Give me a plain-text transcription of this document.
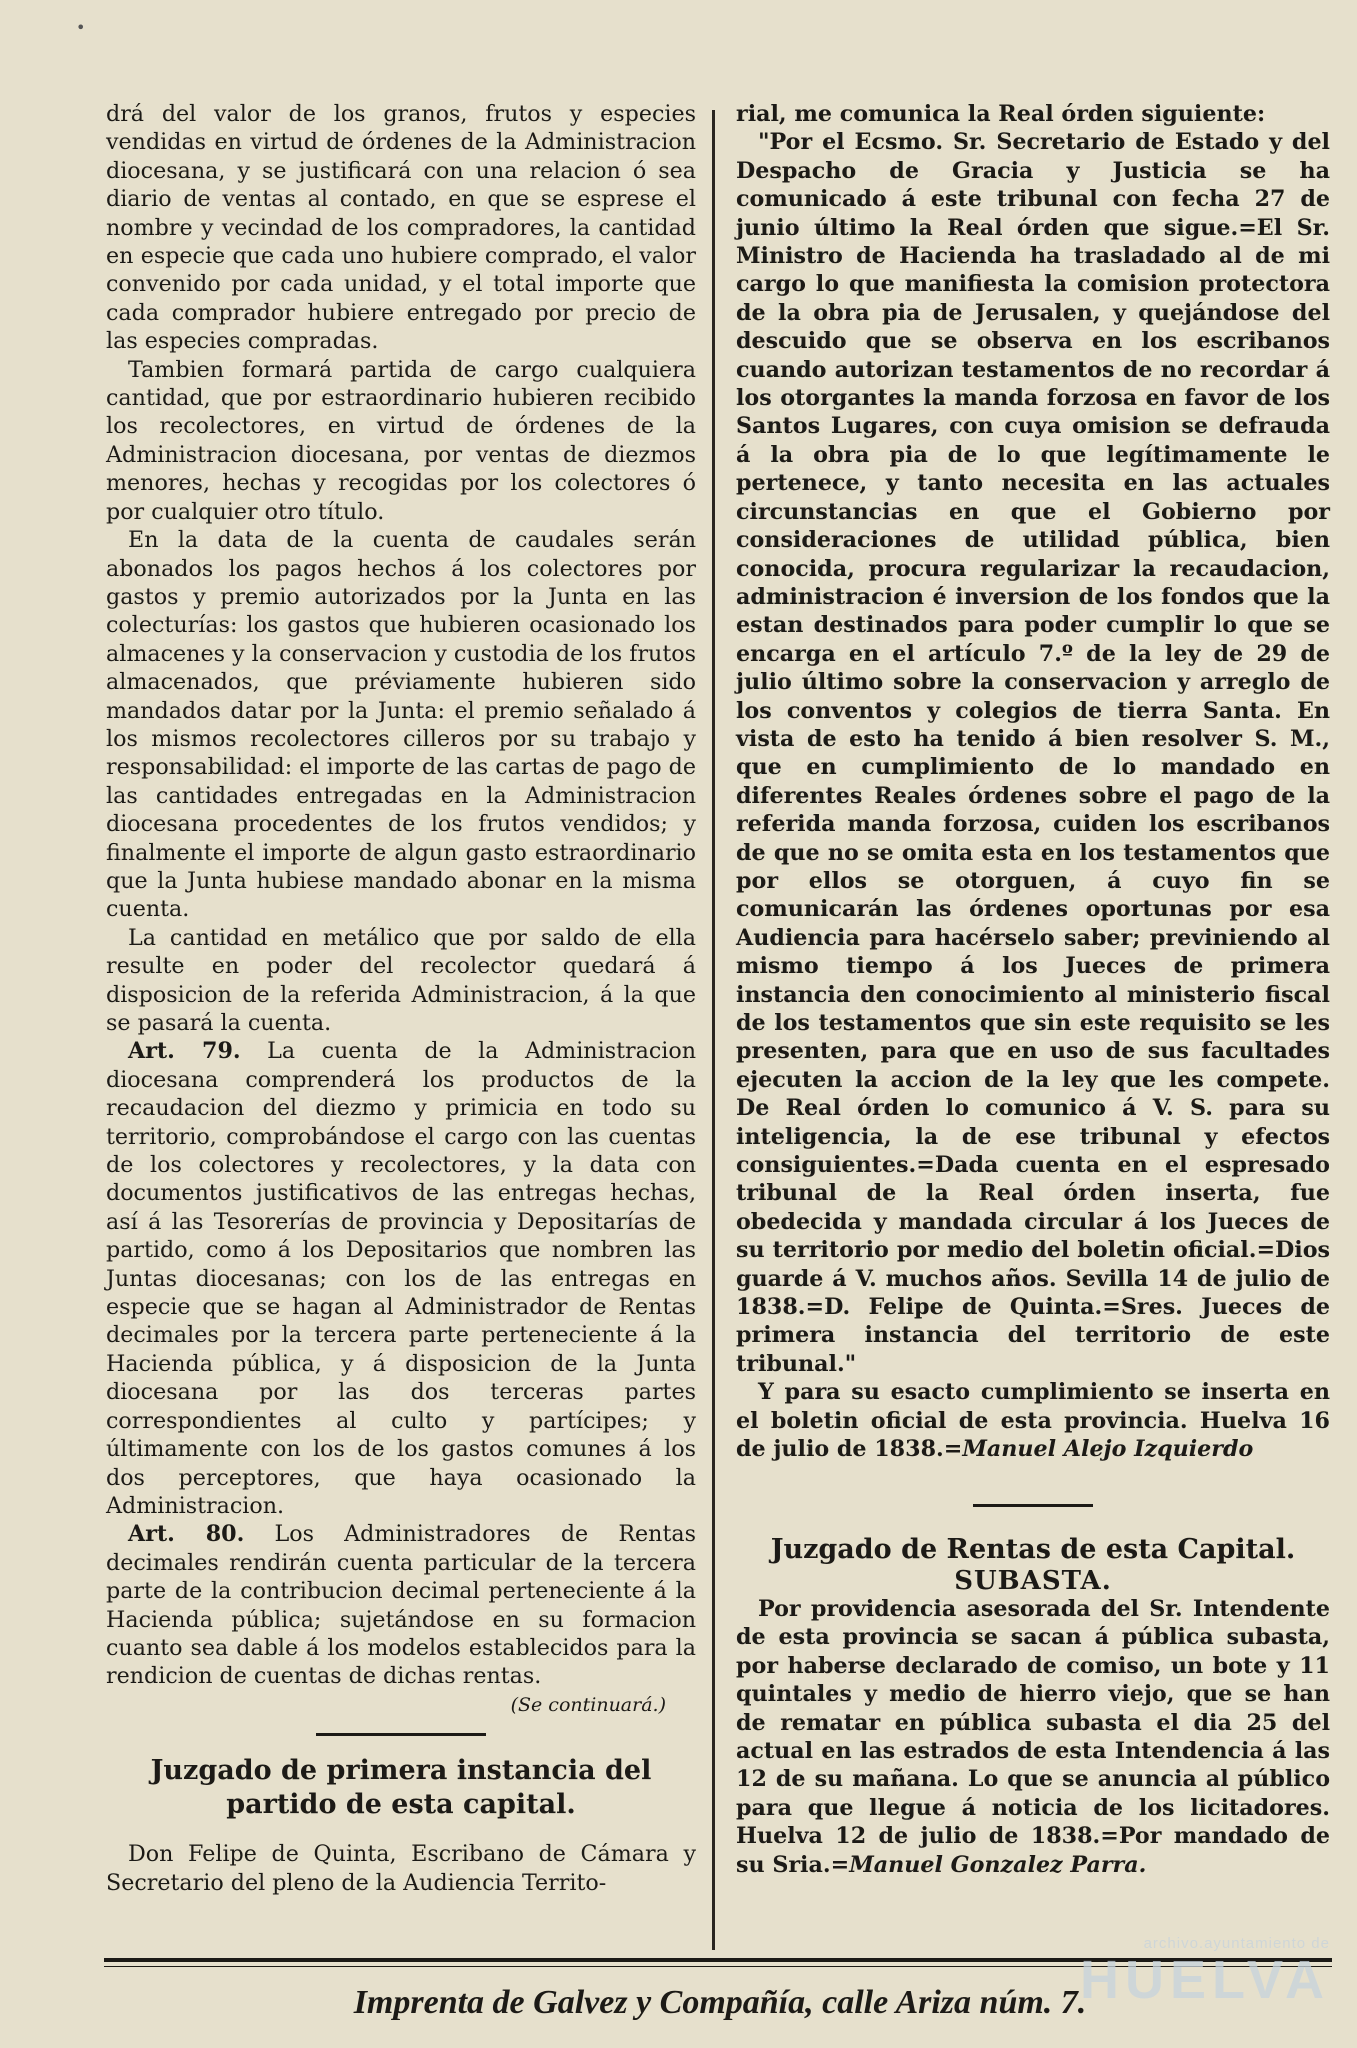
•

drá del valor de los granos, frutos y especies vendidas en virtud de órdenes de la Administracion diocesana, y se justificará con una relacion ó sea diario de ventas al contado, en que se esprese el nombre y vecindad de los compradores, la cantidad en especie que cada uno hubiere comprado, el valor convenido por cada unidad, y el total importe que cada comprador hubiere entregado por precio de las especies compradas.

Tambien formará partida de cargo cualquiera cantidad, que por estraordinario hubieren recibido los recolectores, en virtud de órdenes de la Administracion diocesana, por ventas de diezmos menores, hechas y recogidas por los colectores ó por cualquier otro título.

En la data de la cuenta de caudales serán abonados los pagos hechos á los colectores por gastos y premio autorizados por la Junta en las colecturías: los gastos que hubieren ocasionado los almacenes y la conservacion y custodia de los frutos almacenados, que préviamente hubieren sido mandados datar por la Junta: el premio señalado á los mismos recolectores cilleros por su trabajo y responsabilidad: el importe de las cartas de pago de las cantidades entregadas en la Administracion diocesana procedentes de los frutos vendidos; y finalmente el importe de algun gasto estraordinario que la Junta hubiese mandado abonar en la misma cuenta.

La cantidad en metálico que por saldo de ella resulte en poder del recolector quedará á disposicion de la referida Administracion, á la que se pasará la cuenta.

Art. 79. La cuenta de la Administracion diocesana comprenderá los productos de la recaudacion del diezmo y primicia en todo su territorio, comprobándose el cargo con las cuentas de los colectores y recolectores, y la data con documentos justificativos de las entregas hechas, así á las Tesorerías de provincia y Depositarías de partido, como á los Depositarios que nombren las Juntas diocesanas; con los de las entregas en especie que se hagan al Administrador de Rentas decimales por la tercera parte perteneciente á la Hacienda pública, y á disposicion de la Junta diocesana por las dos terceras partes correspondientes al culto y partícipes; y últimamente con los de los gastos comunes á los dos perceptores, que haya ocasionado la Administracion.

Art. 80. Los Administradores de Rentas decimales rendirán cuenta particular de la tercera parte de la contribucion decimal perteneciente á la Hacienda pública; sujetándose en su formacion cuanto sea dable á los modelos establecidos para la rendicion de cuentas de dichas rentas.

(Se continuará.)

Juzgado de primera instancia del partido de esta capital.

Don Felipe de Quinta, Escribano de Cámara y Secretario del pleno de la Audiencia Territo-

rial, me comunica la Real órden siguiente:

"Por el Ecsmo. Sr. Secretario de Estado y del Despacho de Gracia y Justicia se ha comunicado á este tribunal con fecha 27 de junio último la Real órden que sigue.=El Sr. Ministro de Hacienda ha trasladado al de mi cargo lo que manifiesta la comision protectora de la obra pia de Jerusalen, y quejándose del descuido que se observa en los escribanos cuando autorizan testamentos de no recordar á los otorgantes la manda forzosa en favor de los Santos Lugares, con cuya omision se defrauda á la obra pia de lo que legítimamente le pertenece, y tanto necesita en las actuales circunstancias en que el Gobierno por consideraciones de utilidad pública, bien conocida, procura regularizar la recaudacion, administracion é inversion de los fondos que la estan destinados para poder cumplir lo que se encarga en el artículo 7.º de la ley de 29 de julio último sobre la conservacion y arreglo de los conventos y colegios de tierra Santa. En vista de esto ha tenido á bien resolver S. M., que en cumplimiento de lo mandado en diferentes Reales órdenes sobre el pago de la referida manda forzosa, cuiden los escribanos de que no se omita esta en los testamentos que por ellos se otorguen, á cuyo fin se comunicarán las órdenes oportunas por esa Audiencia para hacérselo saber; previniendo al mismo tiempo á los Jueces de primera instancia den conocimiento al ministerio fiscal de los testamentos que sin este requisito se les presenten, para que en uso de sus facultades ejecuten la accion de la ley que les compete. De Real órden lo comunico á V. S. para su inteligencia, la de ese tribunal y efectos consiguientes.=Dada cuenta en el espresado tribunal de la Real órden inserta, fue obedecida y mandada circular á los Jueces de su territorio por medio del boletin oficial.=Dios guarde á V. muchos años. Sevilla 14 de julio de 1838.=D. Felipe de Quinta.=Sres. Jueces de primera instancia del territorio de este tribunal."

Y para su esacto cumplimiento se inserta en el boletin oficial de esta provincia. Huelva 16 de julio de 1838.=Manuel Alejo Izquierdo

Juzgado de Rentas de esta Capital.

SUBASTA.

Por providencia asesorada del Sr. Intendente de esta provincia se sacan á pública subasta, por haberse declarado de comiso, un bote y 11 quintales y medio de hierro viejo, que se han de rematar en pública subasta el dia 25 del actual en las estrados de esta Intendencia á las 12 de su mañana. Lo que se anuncia al público para que llegue á noticia de los licitadores. Huelva 12 de julio de 1838.=Por mandado de su Sria.=Manuel Gonzalez Parra.

Imprenta de Galvez y Compañía, calle Ariza núm. 7.
archivo.ayuntamiento de
HUELVA
